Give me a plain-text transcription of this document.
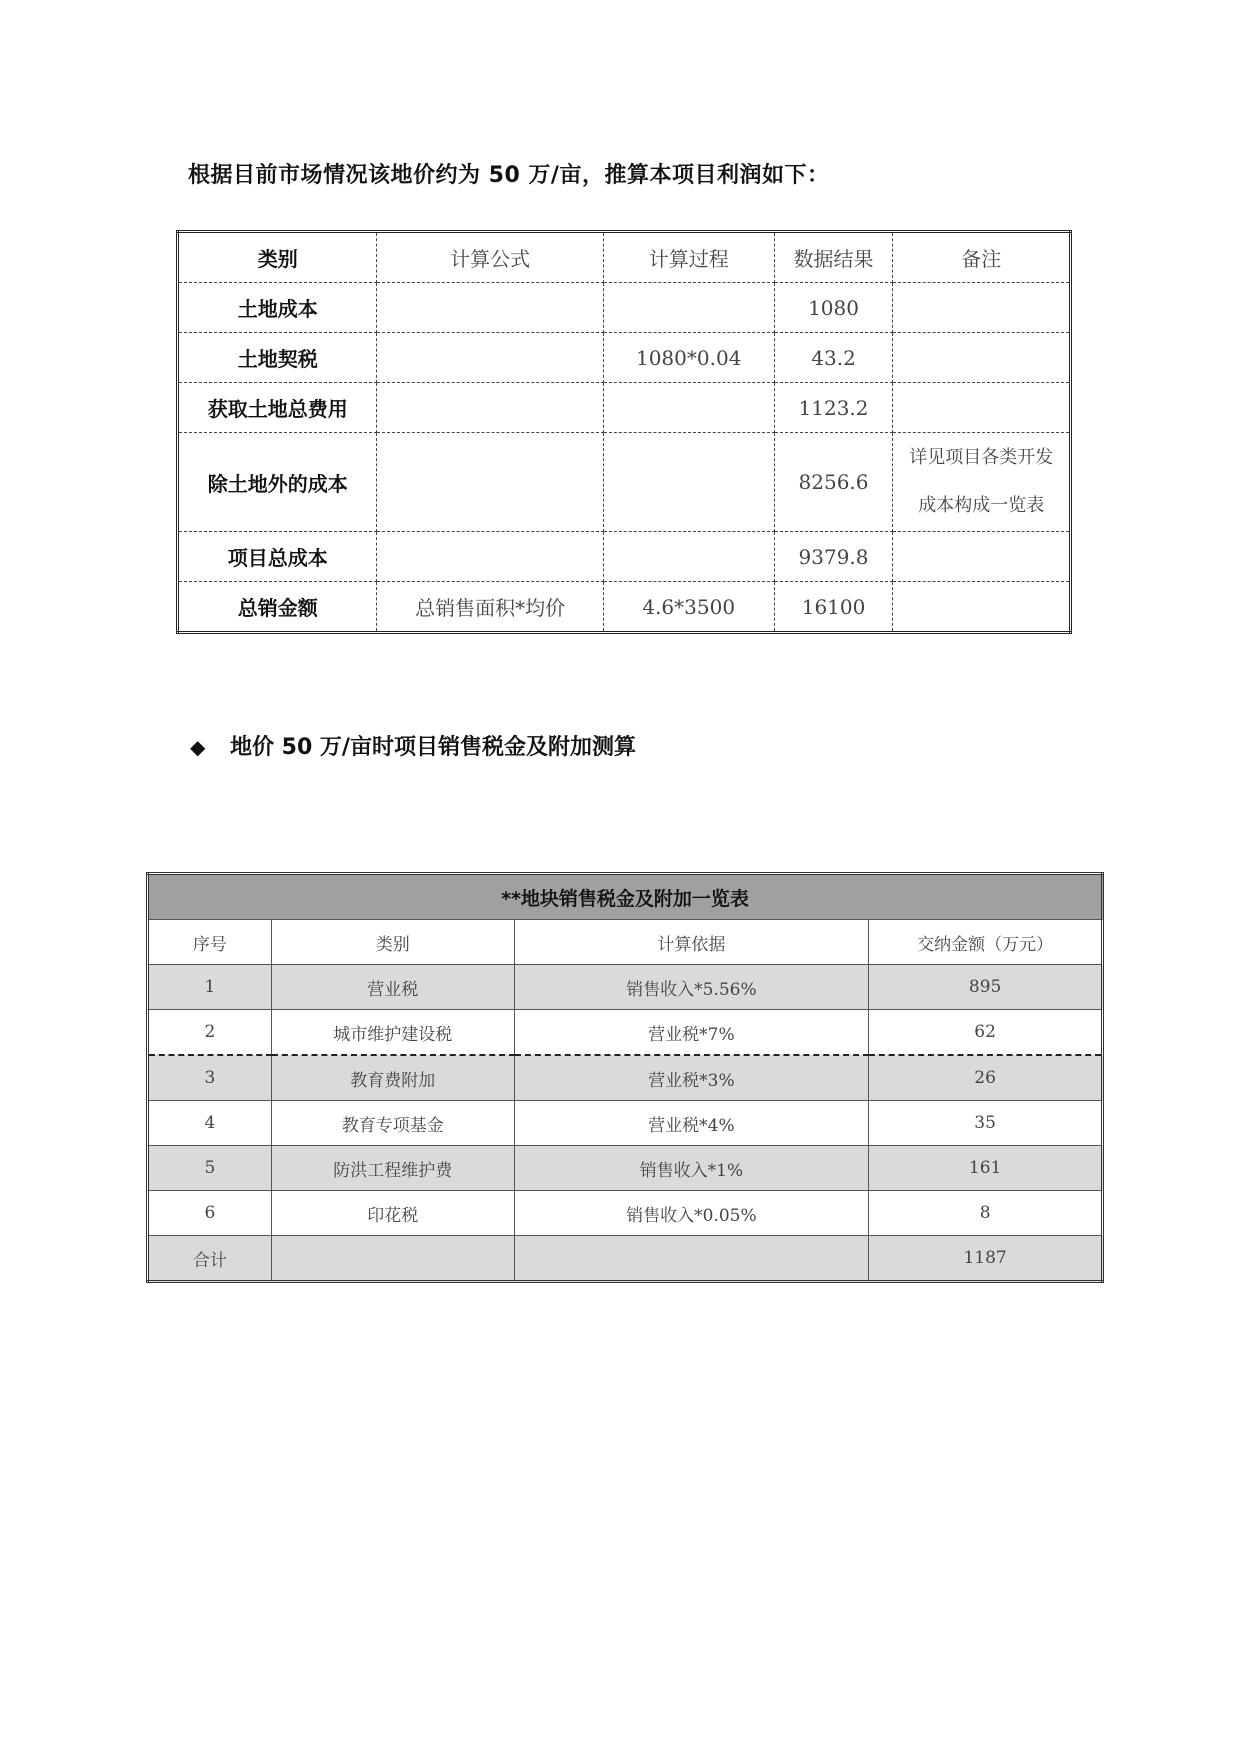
根据目前市场情况该地价约为 50 万/亩，推算本项目利润如下：
类别	计算公式	计算过程	数据结果	备注
土地成本			1080	
土地契税		1080*0.04	43.2	
获取土地总费用			1123.2	
除土地外的成本			8256.6	详见项目各类开发
成本构成一览表

项目总成本			9379.8	
总销金额	总销售面积*均价	4.6*3500	16100	
◆ 地价 50 万/亩时项目销售税金及附加测算
**地块销售税金及附加一览表			
序号	类别	计算依据	交纳金额（万元）
1	营业税	销售收入*5.56%	895
2	城市维护建设税	营业税*7%	62
3	教育费附加	营业税*3%	26
4	教育专项基金	营业税*4%	35
5	防洪工程维护费	销售收入*1%	161
6	印花税	销售收入*0.05%	8
合计			1187
